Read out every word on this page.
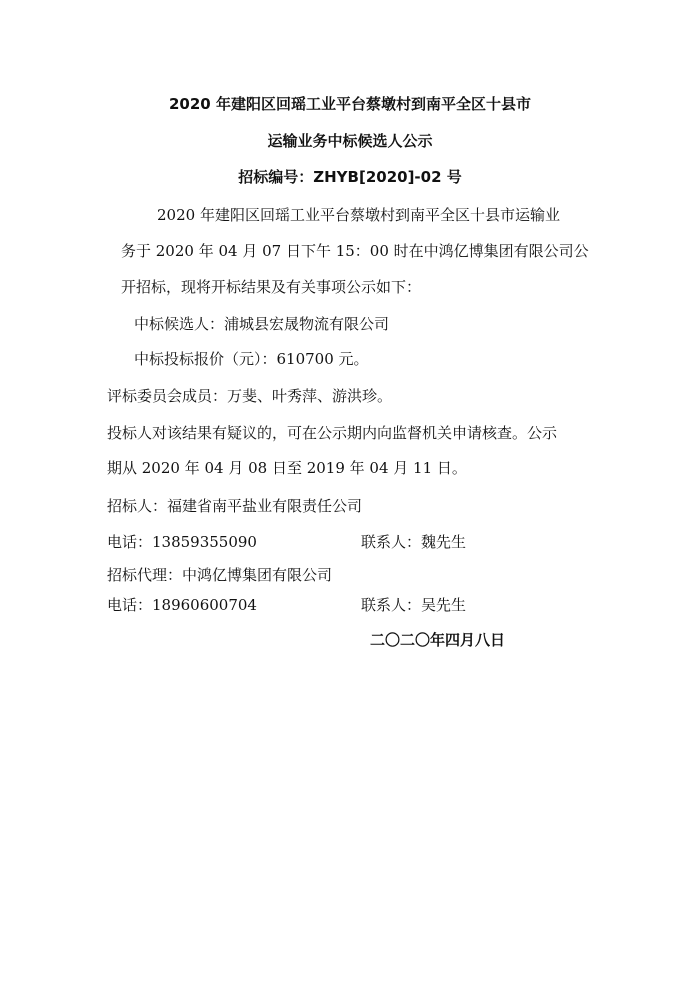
2020 年建阳区回瑶工业平台蔡墩村到南平全区十县市
运输业务中标候选人公示
招标编号：ZHYB[2020]-02 号
2020 年建阳区回瑶工业平台蔡墩村到南平全区十县市运输业
务于 2020 年 04 月 07 日下午 15：00 时在中鸿亿博集团有限公司公
开招标，现将开标结果及有关事项公示如下：
中标候选人：浦城县宏晟物流有限公司
中标投标报价（元）：610700 元。
评标委员会成员：万斐、叶秀萍、游洪珍。
投标人对该结果有疑议的，可在公示期内向监督机关申请核查。公示
期从 2020 年 04 月 08 日至 2019 年 04 月 11 日。
招标人：福建省南平盐业有限责任公司
电话：13859355090	联系人：魏先生
招标代理：中鸿亿博集团有限公司
电话：18960600704	联系人：吴先生
二〇二〇年四月八日
